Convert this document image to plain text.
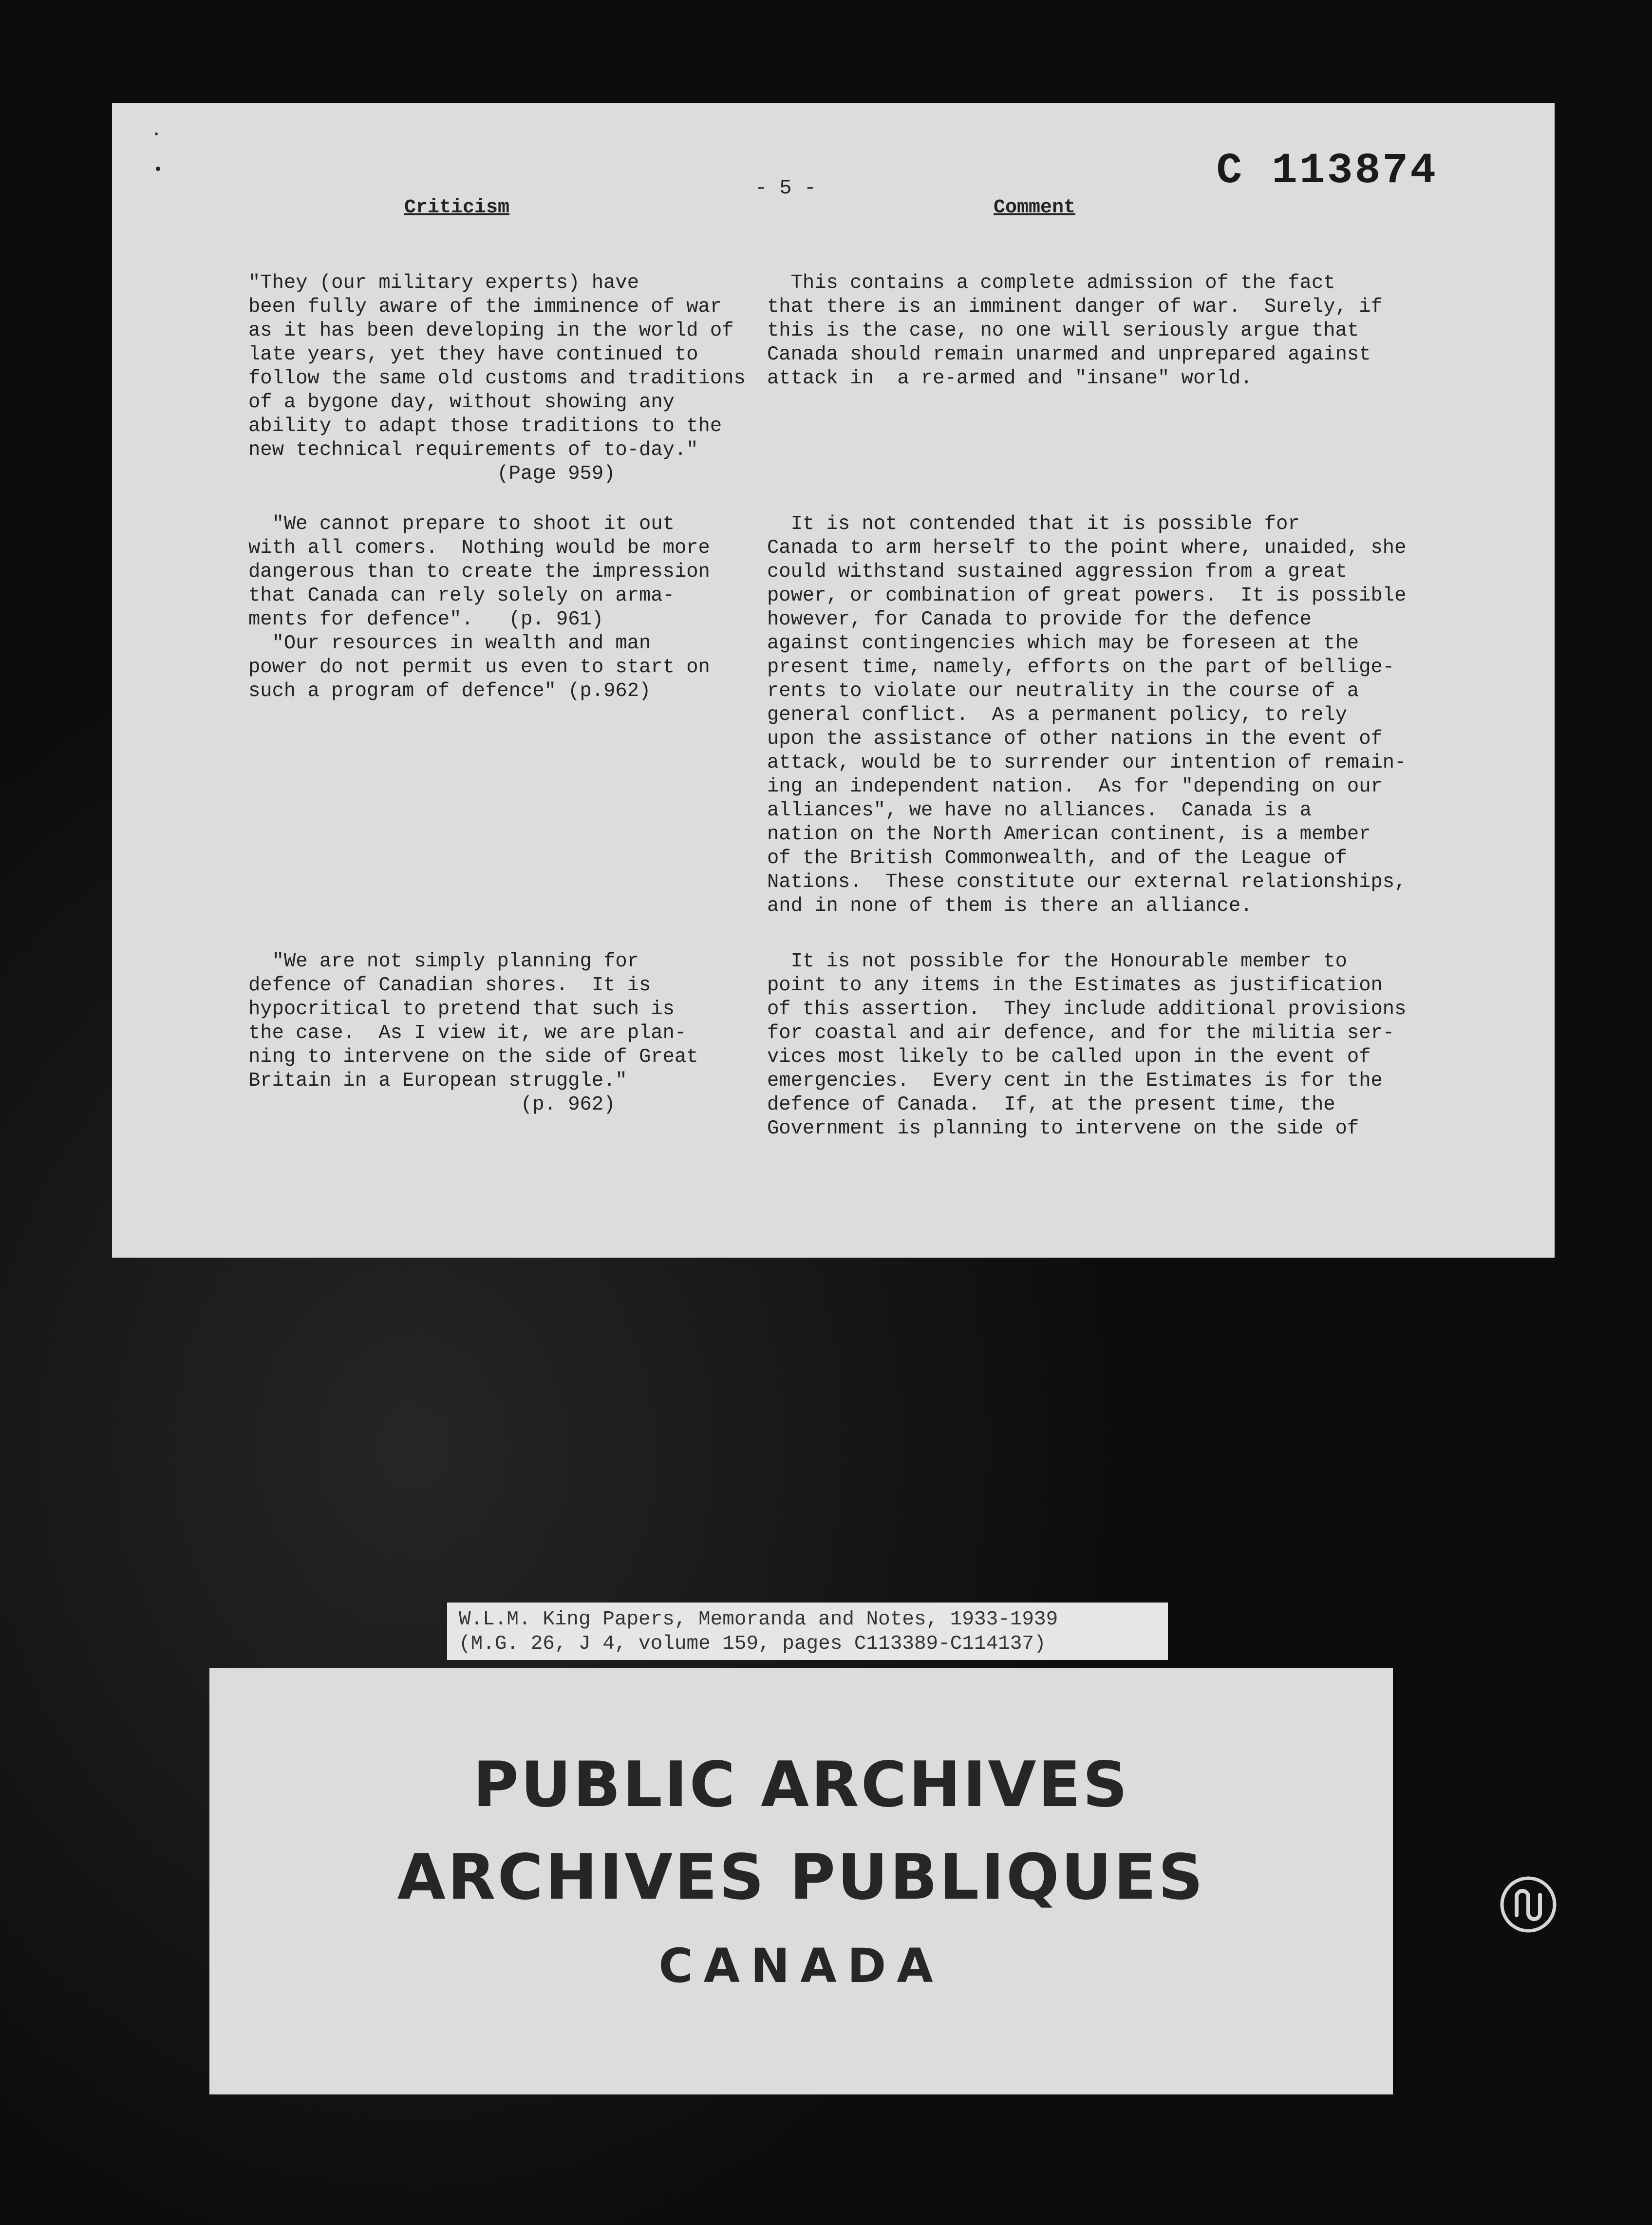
C 113874
- 5 -
Criticism	Comment

"They (our military experts) have
been fully aware of the imminence of war
as it has been developing in the world of
late years, yet they have continued to
follow the same old customs and traditions
of a bygone day, without showing any
ability to adapt those traditions to the
new technical requirements of to-day."
(Page 959)

"We cannot prepare to shoot it out
with all comers.  Nothing would be more
dangerous than to create the impression
that Canada can rely solely on arma-
ments for defence".   (p. 961)
"Our resources in wealth and man
power do not permit us even to start on
such a program of defence" (p.962)

"We are not simply planning for
defence of Canadian shores.  It is
hypocritical to pretend that such is
the case.  As I view it, we are plan-
ning to intervene on the side of Great
Britain in a European struggle."
(p. 962)

This contains a complete admission of the fact
that there is an imminent danger of war.  Surely, if
this is the case, no one will seriously argue that
Canada should remain unarmed and unprepared against
attack in  a re-armed and "insane" world.

It is not contended that it is possible for
Canada to arm herself to the point where, unaided, she
could withstand sustained aggression from a great
power, or combination of great powers.  It is possible
however, for Canada to provide for the defence
against contingencies which may be foreseen at the
present time, namely, efforts on the part of bellige-
rents to violate our neutrality in the course of a
general conflict.  As a permanent policy, to rely
upon the assistance of other nations in the event of
attack, would be to surrender our intention of remain-
ing an independent nation.  As for "depending on our
alliances", we have no alliances.  Canada is a
nation on the North American continent, is a member
of the British Commonwealth, and of the League of
Nations.  These constitute our external relationships,
and in none of them is there an alliance.

It is not possible for the Honourable member to
point to any items in the Estimates as justification
of this assertion.  They include additional provisions
for coastal and air defence, and for the militia ser-
vices most likely to be called upon in the event of
emergencies.  Every cent in the Estimates is for the
defence of Canada.  If, at the present time, the
Government is planning to intervene on the side of

W.L.M. King Papers, Memoranda and Notes, 1933-1939
(M.G. 26, J 4, volume 159, pages C113389-C114137)
PUBLIC ARCHIVES
ARCHIVES PUBLIQUES
CANADA
